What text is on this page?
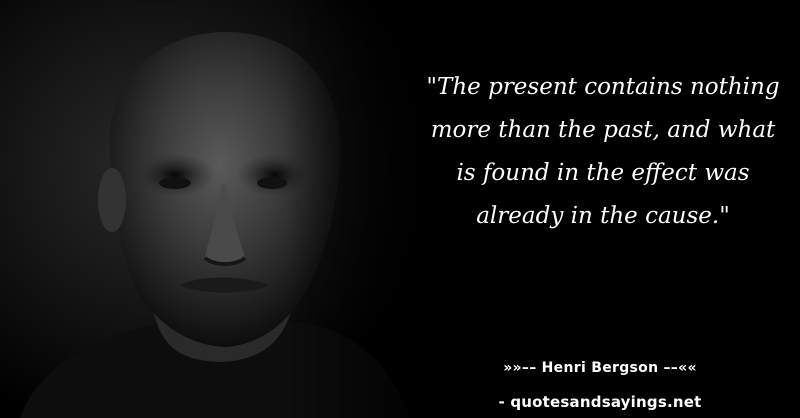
"The present contains nothing more than the past, and what is found in the effect was already in the cause."

»»–– Henri Bergson ––««
- quotesandsayings.net
